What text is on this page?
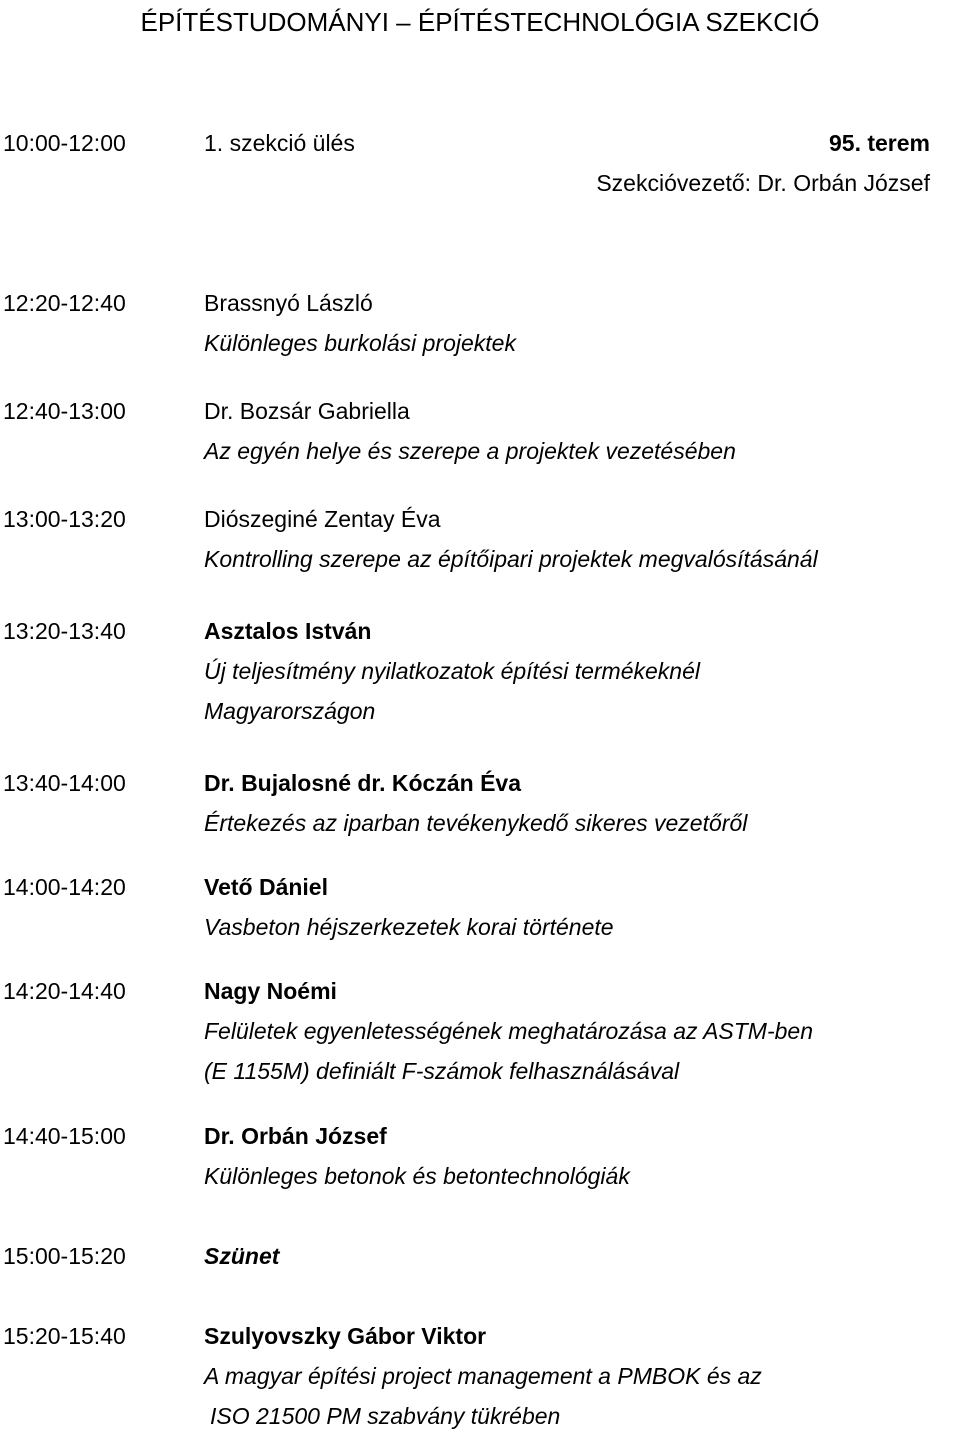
ÉPÍTÉSTUDOMÁNYI – ÉPÍTÉSTECHNOLÓGIA SZEKCIÓ
10:00-12:00	1. szekció ülés	95. terem
Szekcióvezető: Dr. Orbán József
12:20-12:40	Brassnyó László
Különleges burkolási projektek
12:40-13:00	Dr. Bozsár Gabriella
Az egyén helye és szerepe a projektek vezetésében
13:00-13:20	Diószeginé Zentay Éva
Kontrolling szerepe az építőipari projektek megvalósításánál
13:20-13:40	Asztalos István
Új teljesítmény nyilatkozatok építési termékeknél
Magyarországon
13:40-14:00	Dr. Bujalosné dr. Kóczán Éva
Értekezés az iparban tevékenykedő sikeres vezetőről
14:00-14:20	Vető Dániel
Vasbeton héjszerkezetek korai története
14:20-14:40	Nagy Noémi
Felületek egyenletességének meghatározása az ASTM-ben
(E 1155M) definiált F-számok felhasználásával
14:40-15:00	Dr. Orbán József
Különleges betonok és betontechnológiák
15:00-15:20	Szünet
15:20-15:40	Szulyovszky Gábor Viktor
A magyar építési project management a PMBOK és az
ISO 21500 PM szabvány tükrében
